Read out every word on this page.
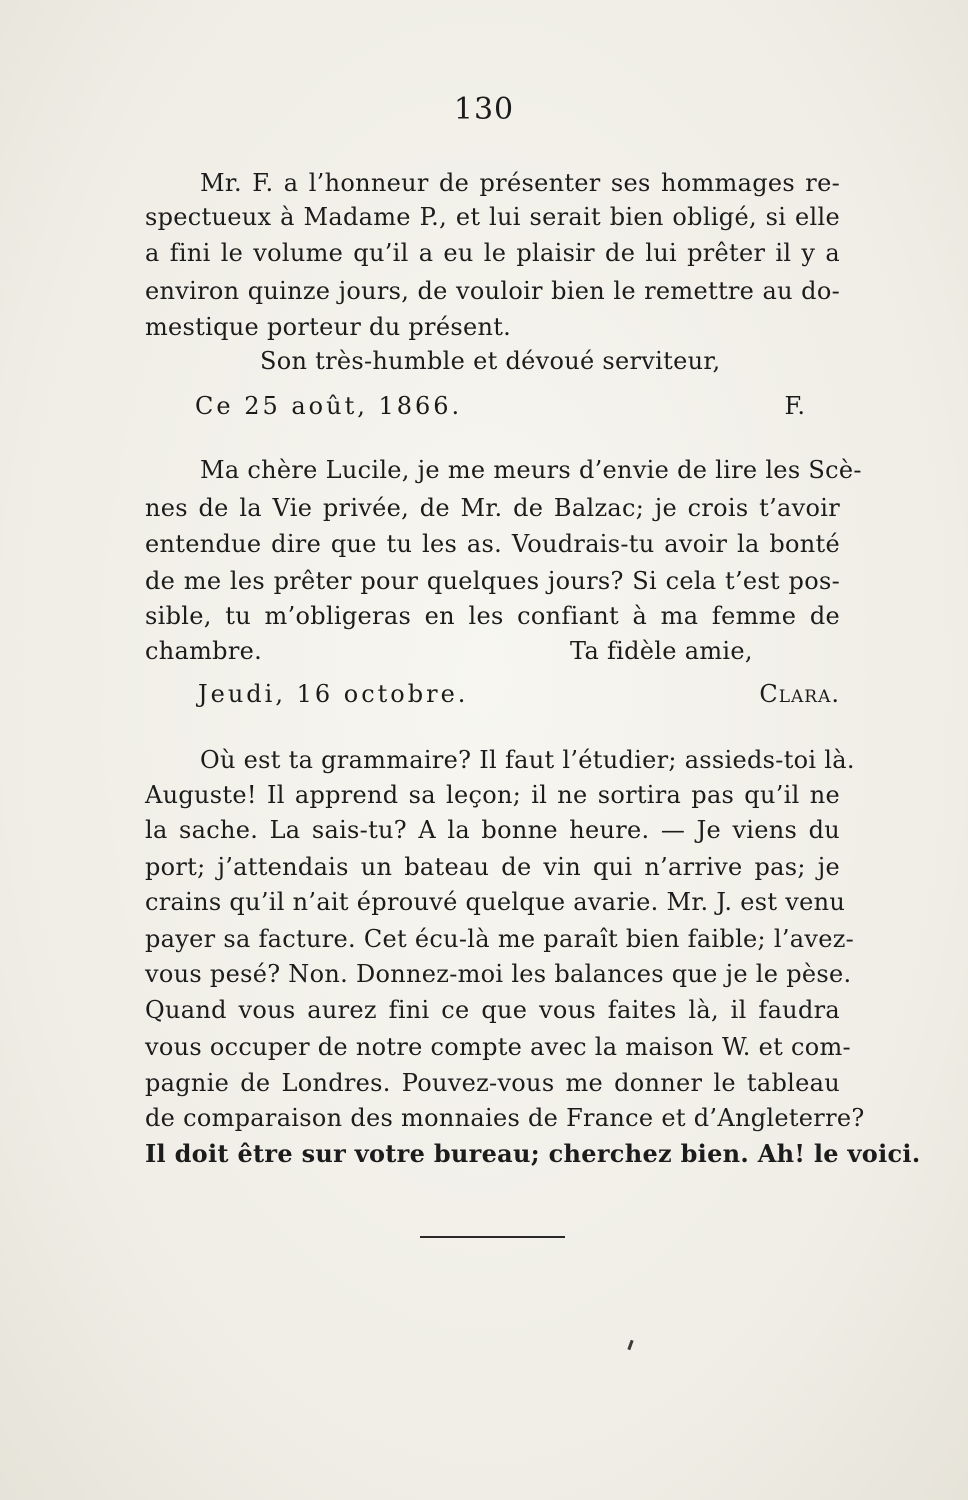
130
Mr. F. a l’honneur de présenter ses hommages re-
spectueux à Madame P., et lui serait bien obligé, si elle
a fini le volume qu’il a eu le plaisir de lui prêter il y a
environ quinze jours, de vouloir bien le remettre au do-
mestique porteur du présent.
Son très-humble et dévoué serviteur,
Ce 25 août, 1866.	F.
Ma chère Lucile, je me meurs d’envie de lire les Scè-
nes de la Vie privée, de Mr. de Balzac; je crois t’avoir
entendue dire que tu les as. Voudrais-tu avoir la bonté
de me les prêter pour quelques jours? Si cela t’est pos-
sible, tu m’obligeras en les confiant à ma femme de
chambre.	Ta fidèle amie,
Jeudi, 16 octobre.	Clara.
Où est ta grammaire? Il faut l’étudier; assieds-toi là.
Auguste! Il apprend sa leçon; il ne sortira pas qu’il ne
la sache. La sais-tu? A la bonne heure. — Je viens du
port; j’attendais un bateau de vin qui n’arrive pas; je
crains qu’il n’ait éprouvé quelque avarie. Mr. J. est venu
payer sa facture. Cet écu-là me paraît bien faible; l’avez-
vous pesé? Non. Donnez-moi les balances que je le pèse.
Quand vous aurez fini ce que vous faites là, il faudra
vous occuper de notre compte avec la maison W. et com-
pagnie de Londres. Pouvez-vous me donner le tableau
de comparaison des monnaies de France et d’Angleterre?
Il doit être sur votre bureau; cherchez bien. Ah! le voici.
